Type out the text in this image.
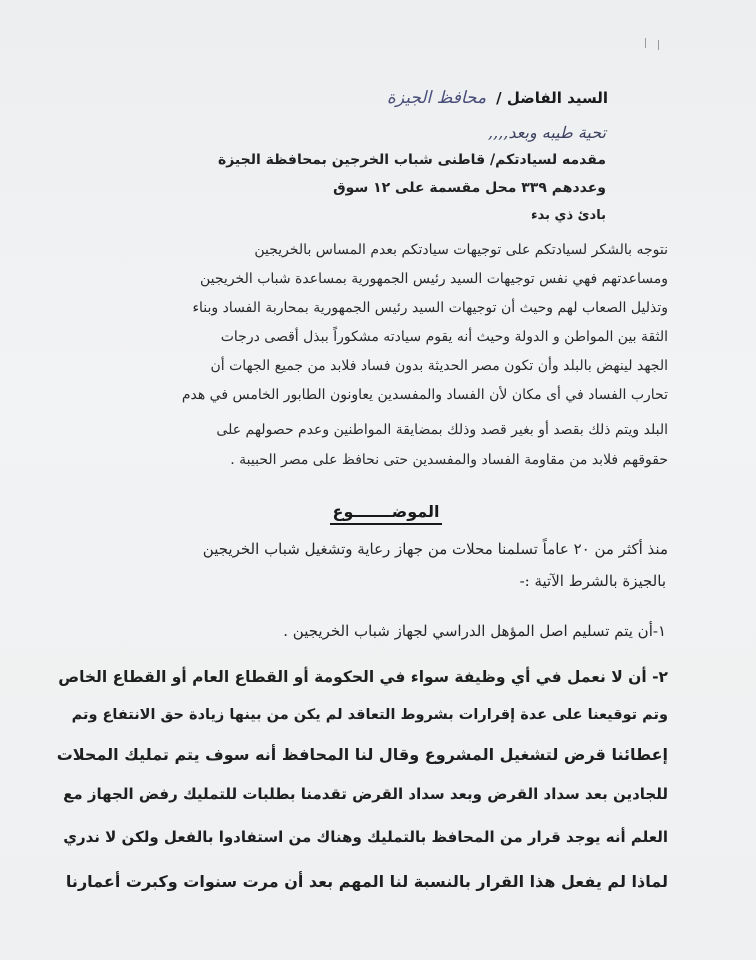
السيد الفاضل / محافظ الجيزة
تحية طيبه وبعد,,,,
مقدمه لسيادتكم/ قاطنى شباب الخرجين بمحافظة الجيزة
وعددهم ٣٣٩ محل مقسمة على ١٢ سوق
بادئ ذي بدء
نتوجه بالشكر لسيادتكم على توجيهات سيادتكم بعدم المساس بالخريجين
ومساعدتهم فهي نفس توجيهات السيد رئيس الجمهورية بمساعدة شباب الخريجين
وتذليل الصعاب لهم وحيث أن توجيهات السيد رئيس الجمهورية بمحاربة الفساد وبناء
الثقة بين المواطن و الدولة وحيث أنه يقوم سيادته مشكوراً ببذل أقصى درجات
الجهد لينهض بالبلد وأن تكون مصر الحديثة بدون فساد فلابد من جميع الجهات أن
تحارب الفساد في أى مكان لأن الفساد والمفسدين يعاونون الطابور الخامس في هدم
البلد ويتم ذلك بقصد أو بغير قصد وذلك بمضايقة المواطنين وعدم حصولهم على
حقوقهم فلابد من مقاومة الفساد والمفسدين حتى نحافظ على مصر الحبيبة .
الموضـــــــوع
منذ أكثر من ٢٠ عاماً تسلمنا محلات من جهاز رعاية وتشغيل شباب الخريجين
بالجيزة بالشرط الآتية :-
١-أن يتم تسليم اصل المؤهل الدراسي لجهاز شباب الخريجين .
٢- أن لا نعمل في أي وظيفة سواء في الحكومة أو القطاع العام أو القطاع الخاص
وتم توقيعنا على عدة إقرارات بشروط التعاقد لم يكن من بينها زيادة حق الانتفاع وتم
إعطائنا قرض لتشغيل المشروع وقال لنا المحافظ أنه سوف يتم تمليك المحلات
للجادين بعد سداد القرض وبعد سداد القرض تقدمنا بطلبات للتمليك رفض الجهاز مع
العلم أنه يوجد قرار من المحافظ بالتمليك وهناك من استفادوا بالفعل ولكن لا ندري
لماذا لم يفعل هذا القرار بالنسبة لنا المهم بعد أن مرت سنوات وكبرت أعمارنا
